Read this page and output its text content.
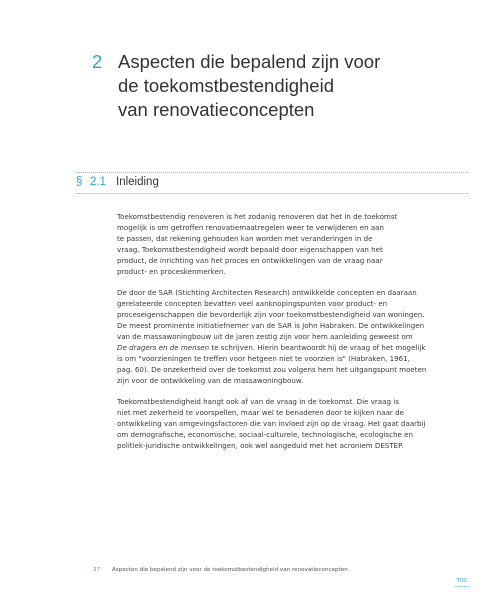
2 Aspecten die bepalend zijn voor
de toekomstbestendigheid
van renovatieconcepten
§ 2.1 Inleiding
Toekomstbestendig renoveren is het zodanig renoveren dat het in de toekomst
mogelijk is om getroffen renovatiemaatregelen weer te verwijderen en aan
te passen, dat rekening gehouden kan worden met veranderingen in de
vraag. Toekomstbestendigheid wordt bepaald door eigenschappen van het
product, de inrichting van het proces en ontwikkelingen van de vraag naar
product- en proceskenmerken.
De door de SAR (Stichting Architecten Research) ontwikkelde concepten en daaraan
gerelateerde concepten bevatten veel aanknopingspunten voor product- en
proceseigenschappen die bevorderlijk zijn voor toekomstbestendigheid van woningen.
De meest prominente initiatiefnemer van de SAR is John Habraken. De ontwikkelingen
van de massawoningbouw uit de jaren zestig zijn voor hem aanleiding geweest om
De dragers en de mensen te schrijven. Hierin beantwoordt hij de vraag of het mogelijk
is om "voorzieningen te treffen voor hetgeen niet te voorzien is" (Habraken, 1961,
pag. 60). De onzekerheid over de toekomst zou volgens hem het uitgangspunt moeten
zijn voor de ontwikkeling van de massawoningbouw.
Toekomstbestendigheid hangt ook af van de vraag in de toekomst. Die vraag is
niet met zekerheid te voorspellen, maar wel te benaderen door te kijken naar de
ontwikkeling van omgevingsfactoren die van invloed zijn op de vraag. Het gaat daarbij
om demografische, economische, sociaal-culturele, technologische, ecologische en
politiek-juridische ontwikkelingen, ook wel aangeduid met het acroniem DESTEP.
37 Aspecten die bepalend zijn voor de toekomstbestendigheid van renovatieconcepten
TOC
